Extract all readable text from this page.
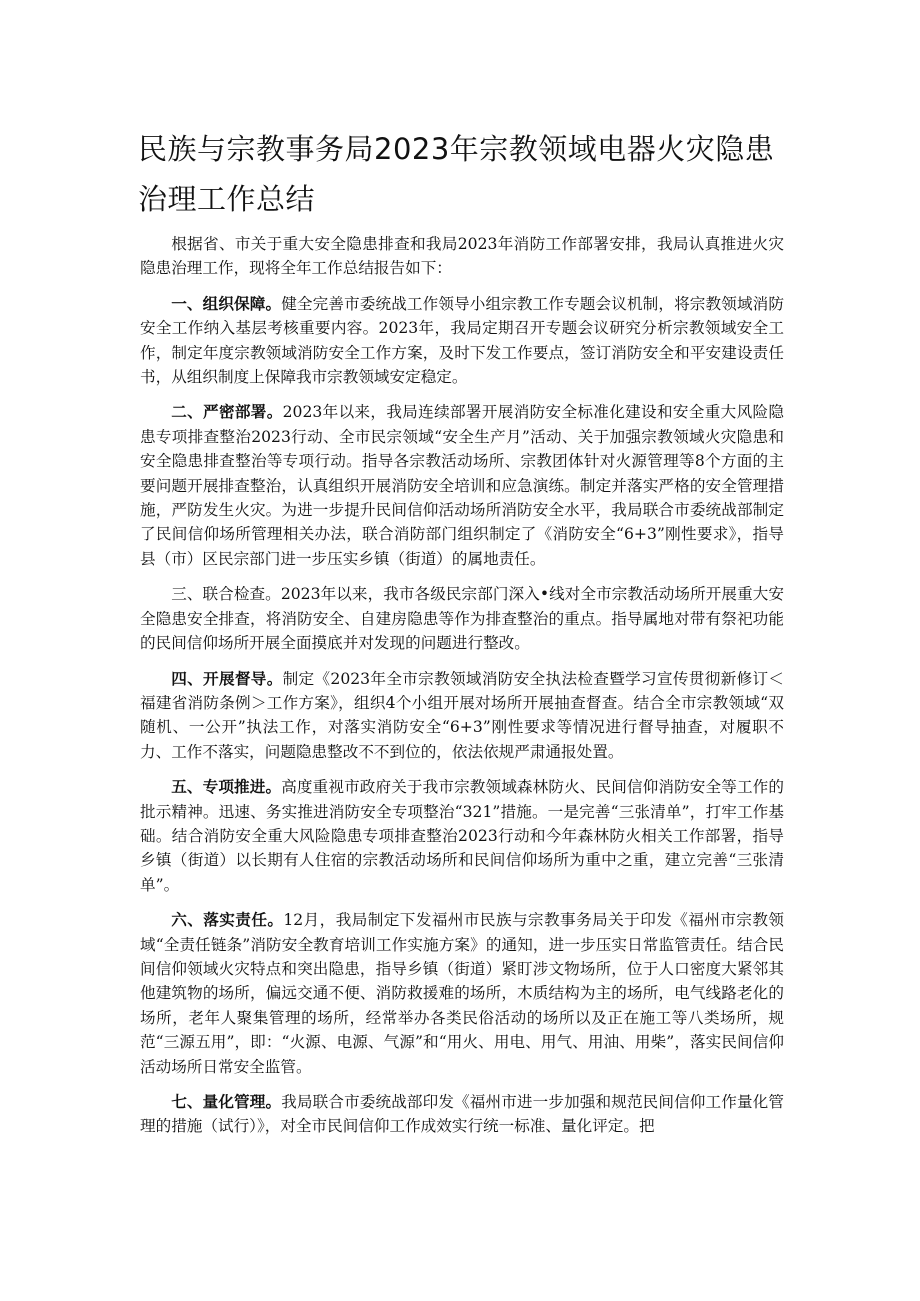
民族与宗教事务局2023年宗教领域电器火灾隐患治理工作总结

根据省、市关于重大安全隐患排查和我局2023年消防工作部署安排，我局认真推进火灾隐患治理工作，现将全年工作总结报告如下：

一、组织保障。健全完善市委统战工作领导小组宗教工作专题会议机制，将宗教领域消防安全工作纳入基层考核重要内容。2023年，我局定期召开专题会议研究分析宗教领域安全工作，制定年度宗教领域消防安全工作方案，及时下发工作要点，签订消防安全和平安建设责任书，从组织制度上保障我市宗教领域安定稳定。

二、严密部署。2023年以来，我局连续部署开展消防安全标准化建设和安全重大风险隐患专项排查整治2023行动、全市民宗领域“安全生产月”活动、关于加强宗教领域火灾隐患和安全隐患排查整治等专项行动。指导各宗教活动场所、宗教团体针对火源管理等8个方面的主要问题开展排查整治，认真组织开展消防安全培训和应急演练。制定并落实严格的安全管理措施，严防发生火灾。为进一步提升民间信仰活动场所消防安全水平，我局联合市委统战部制定了民间信仰场所管理相关办法，联合消防部门组织制定了《消防安全“6+3”刚性要求》，指导县（市）区民宗部门进一步压实乡镇（街道）的属地责任。

三、联合检查。2023年以来，我市各级民宗部门深入•线对全市宗教活动场所开展重大安全隐患安全排查，将消防安全、自建房隐患等作为排查整治的重点。指导属地对带有祭祀功能的民间信仰场所开展全面摸底并对发现的问题进行整改。

四、开展督导。制定《2023年全市宗教领域消防安全执法检查暨学习宣传贯彻新修订＜福建省消防条例＞工作方案》，组织4个小组开展对场所开展抽查督查。结合全市宗教领域“双随机、一公开”执法工作，对落实消防安全“6+3”刚性要求等情况进行督导抽查，对履职不力、工作不落实，问题隐患整改不不到位的，依法依规严肃通报处置。

五、专项推进。高度重视市政府关于我市宗教领域森林防火、民间信仰消防安全等工作的批示精神。迅速、务实推进消防安全专项整治“321”措施。一是完善“三张清单”，打牢工作基础。结合消防安全重大风险隐患专项排查整治2023行动和今年森林防火相关工作部署，指导乡镇（街道）以长期有人住宿的宗教活动场所和民间信仰场所为重中之重，建立完善“三张清单”。

六、落实责任。12月，我局制定下发福州市民族与宗教事务局关于印发《福州市宗教领域“全责任链条”消防安全教育培训工作实施方案》的通知，进一步压实日常监管责任。结合民间信仰领域火灾特点和突出隐患，指导乡镇（街道）紧盯涉文物场所，位于人口密度大紧邻其他建筑物的场所，偏远交通不便、消防救援难的场所，木质结构为主的场所，电气线路老化的场所，老年人聚集管理的场所，经常举办各类民俗活动的场所以及正在施工等八类场所，规范“三源五用”，即：“火源、电源、气源”和“用火、用电、用气、用油、用柴”，落实民间信仰活动场所日常安全监管。

七、量化管理。我局联合市委统战部印发《福州市进一步加强和规范民间信仰工作量化管理的措施（试行）》，对全市民间信仰工作成效实行统一标准、量化评定。把
